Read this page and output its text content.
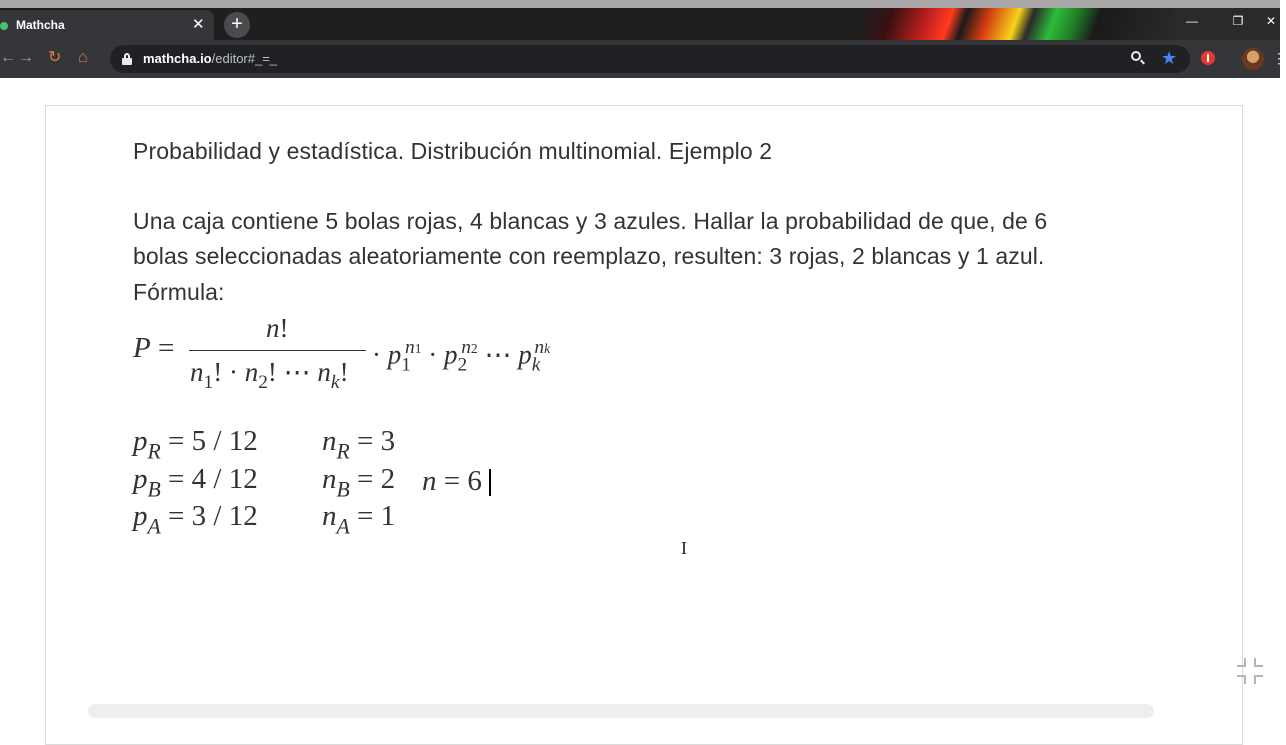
Mathcha	✕	+	—	❐	✕
← → ↻ ⌂	mathcha.io/editor#_=_	★	⋮
Probabilidad y estadística. Distribución multinomial. Ejemplo 2
Una caja contiene 5 bolas rojas, 4 blancas y 3 azules. Hallar la probabilidad de que, de 6
bolas seleccionadas aleatoriamente con reemplazo, resulten: 3 rojas, 2 blancas y 1 azul.
Fórmula:
P =
n!
$n_1$! · $n_2$! ⋯ $n_k$!
· $p_1^{n1} \cdot p_2^{n2}$ ⋯ $p_k^{nk}$
$p_R = 5 / 12$ $n_R = 3$
$p_B = 4 / 12$ $n_B = 2$ n = 6
$p_A = 3 / 12$ $n_A = 1$
I
